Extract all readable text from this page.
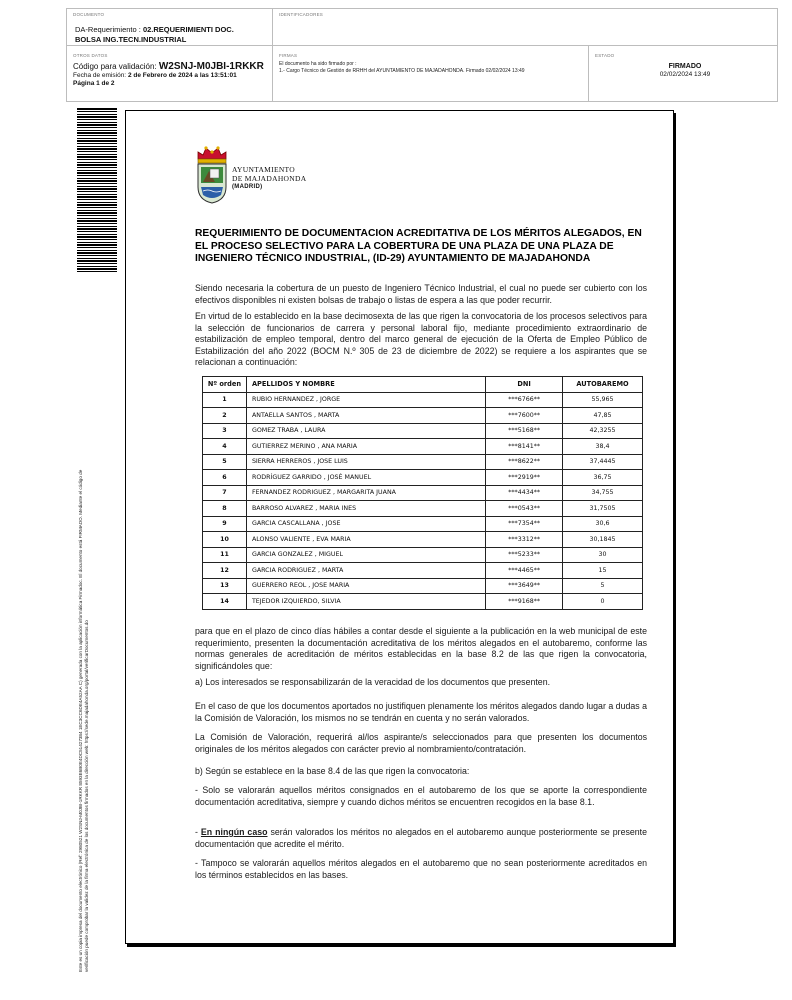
DOCUMENTO
DA-Requerimiento : 02.REQUERIMIENTI DOC.
BOLSA ING.TECN.INDUSTRIAL
IDENTIFICADORES
OTROS DATOS
Código para validación: W2SNJ-M0JBI-1RKKR
Fecha de emisión: 2 de Febrero de 2024 a las 13:51:01
Página 1 de 2
FIRMAS
El documento ha sido firmado por :
1.- Cargo Técnico de Gestión de RRHH del AYUNTAMIENTO DE MAJADAHONDA. Firmado 02/02/2024 13:49
ESTADO
FIRMADO
02/02/2024 13:49
Este es un copia impresa del documento electrónico (Ref: 2980521 W2SNJ-M0JBI-1RKKR 8593E6B0E4DC51427384 1EC3CC6DE4A52AA C) generada con la aplicación informática Firmadoc. El documento está FIRMADO. Mediante el código de verificación puede comprobar la validez de la firma electrónica de los documentos firmados en la dirección web: https://sede.majadahonda.org/portal/verificarDocumentos.do
AYUNTAMIENTO
DE MAJADAHONDA
(MADRID)
REQUERIMIENTO DE DOCUMENTACION ACREDITATIVA DE LOS MÉRITOS ALEGADOS, EN EL PROCESO SELECTIVO PARA LA COBERTURA DE UNA PLAZA DE UNA PLAZA DE INGENIERO TÉCNICO INDUSTRIAL, (ID-29) AYUNTAMIENTO DE MAJADAHONDA
Siendo necesaria la cobertura de un puesto de Ingeniero Técnico Industrial, el cual no puede ser cubierto con los efectivos disponibles ni existen bolsas de trabajo o listas de espera a las que poder recurrir.
En virtud de lo establecido en la base decimosexta de las que rigen la convocatoria de los procesos selectivos para la selección de funcionarios de carrera y personal laboral fijo, mediante procedimiento extraordinario de estabilización de empleo temporal, dentro del marco general de ejecución de la Oferta de Empleo Público de Estabilización del año 2022 (BOCM N.º 305 de 23 de diciembre de 2022) se requiere a los aspirantes que se relacionan a continuación:
Nº orden	APELLIDOS Y NOMBRE	DNI	AUTOBAREMO
1	RUBIO HERNANDEZ , JORGE	***6766**	55,965
2	ANTAELLA SANTOS , MARTA	***7600**	47,85
3	GOMEZ TRABA , LAURA	***5168**	42,3255
4	GUTIERREZ MERINO , ANA MARIA	***8141**	38,4
5	SIERRA HERREROS , JOSE LUIS	***8622**	37,4445
6	RODRÍGUEZ GARRIDO , JOSÉ MANUEL	***2919**	36,75
7	FERNANDEZ RODRIGUEZ , MARGARITA JUANA	***4434**	34,755
8	BARROSO ALVAREZ , MARIA INES	***0543**	31,7505
9	GARCIA CASCALLANA , JOSE	***7354**	30,6
10	ALONSO VALIENTE , EVA MARIA	***3312**	30,1845
11	GARCIA GONZALEZ , MIGUEL	***5233**	30
12	GARCIA RODRIGUEZ , MARTA	***4465**	15
13	GUERRERO REOL , JOSE MARIA	***3649**	5
14	TEJEDOR IZQUIERDO, SILVIA	***9168**	0
para que en el plazo de cinco días hábiles a contar desde el siguiente a la publicación en la web municipal de este requerimiento, presenten la documentación acreditativa de los méritos alegados en el autobaremo, conforme las normas generales de acreditación de méritos establecidas en la base 8.2 de las que rigen la convocatoria, significándoles que:
a) Los interesados se responsabilizarán de la veracidad de los documentos que presenten.
En el caso de que los documentos aportados no justifiquen plenamente los méritos alegados dando lugar a dudas a la Comisión de Valoración, los mismos no se tendrán en cuenta y no serán valorados.
La Comisión de Valoración, requerirá al/los aspirante/s seleccionados para que presenten los documentos originales de los méritos alegados con carácter previo al nombramiento/contratación.
b) Según se establece en la base 8.4 de las que rigen la convocatoria:
- Solo se valorarán aquellos méritos consignados en el autobaremo de los que se aporte la correspondiente documentación acreditativa, siempre y cuando dichos méritos se encuentren recogidos en la base 8.1.
- En ningún caso serán valorados los méritos no alegados en el autobaremo aunque posteriormente se presente documentación que acredite el mérito.
- Tampoco se valorarán aquellos méritos alegados en el autobaremo que no sean posteriormente acreditados en los términos establecidos en las bases.
